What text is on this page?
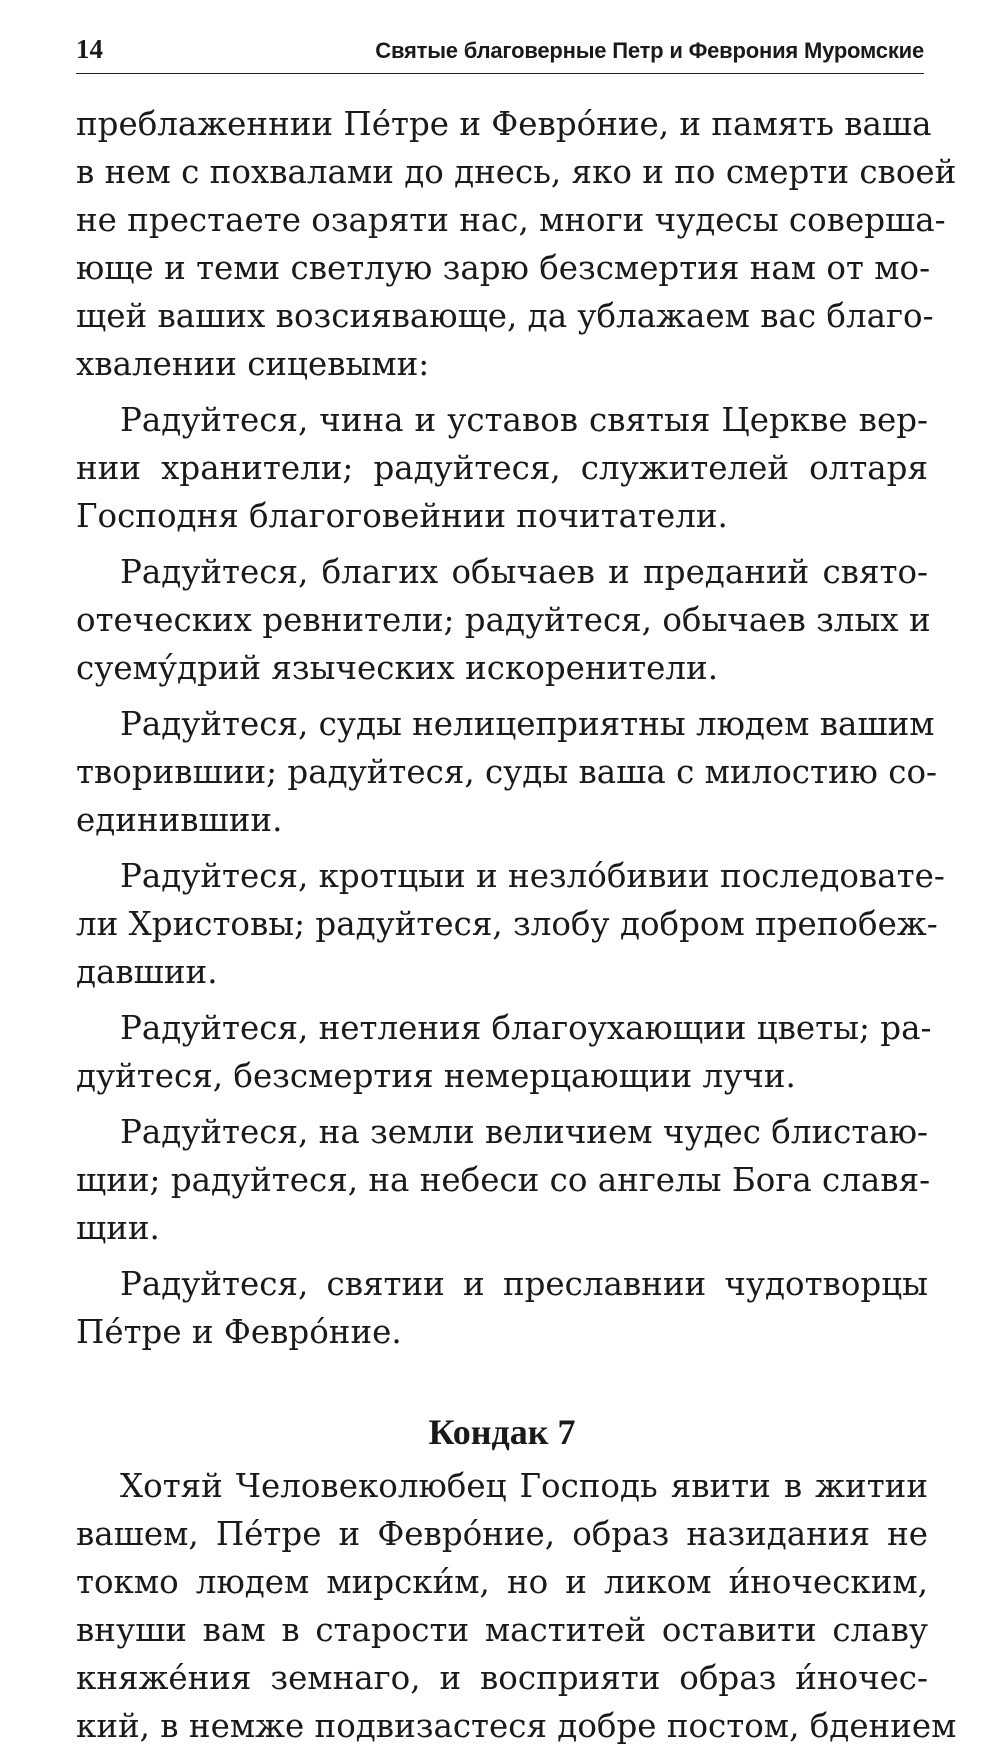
14	Святые благоверные Петр и Феврония Муромские
преблаженнии Пе́тре и Февро́ние, и память ваша
в нем с похвалами до днесь, яко и по смерти своей
не престаете озаряти нас, многи чудесы соверша-
юще и теми светлую зарю безсмертия нам от мо-
щей ваших возсиявающе, да ублажаем вас благо-
хвалении сицевыми:
Радуйтеся, чина и уставов святыя Церкве вер-
нии хранители; радуйтеся, служителей олтаря
Господня благоговейнии почитатели.
Радуйтеся, благих обычаев и преданий свято-
отеческих ревнители; радуйтеся, обычаев злых и
суему́дрий языческих искоренители.
Радуйтеся, суды нелицеприятны людем вашим
творившии; радуйтеся, суды ваша с милостию со-
единившии.
Радуйтеся, кротцыи и незло́бивии последовате-
ли Христовы; радуйтеся, злобу добром препобеж-
давшии.
Радуйтеся, нетления благоухающии цветы; ра-
дуйтеся, безсмертия немерцающии лучи.
Радуйтеся, на земли величием чудес блистаю-
щии; радуйтеся, на небеси со ангелы Бога славя-
щии.
Радуйтеся, святии и преславнии чудотворцы
Пе́тре и Февро́ние.
Кондак 7
Хотяй Человеколюбец Господь явити в житии
вашем, Пе́тре и Февро́ние, образ назидания не
токмо людем мирски́м, но и ликом и́ноческим,
внуши вам в старости маститей оставити славу
княже́ния земнаго, и восприяти образ и́ночес-
кий, в немже подвизастеся добре постом, бдением
